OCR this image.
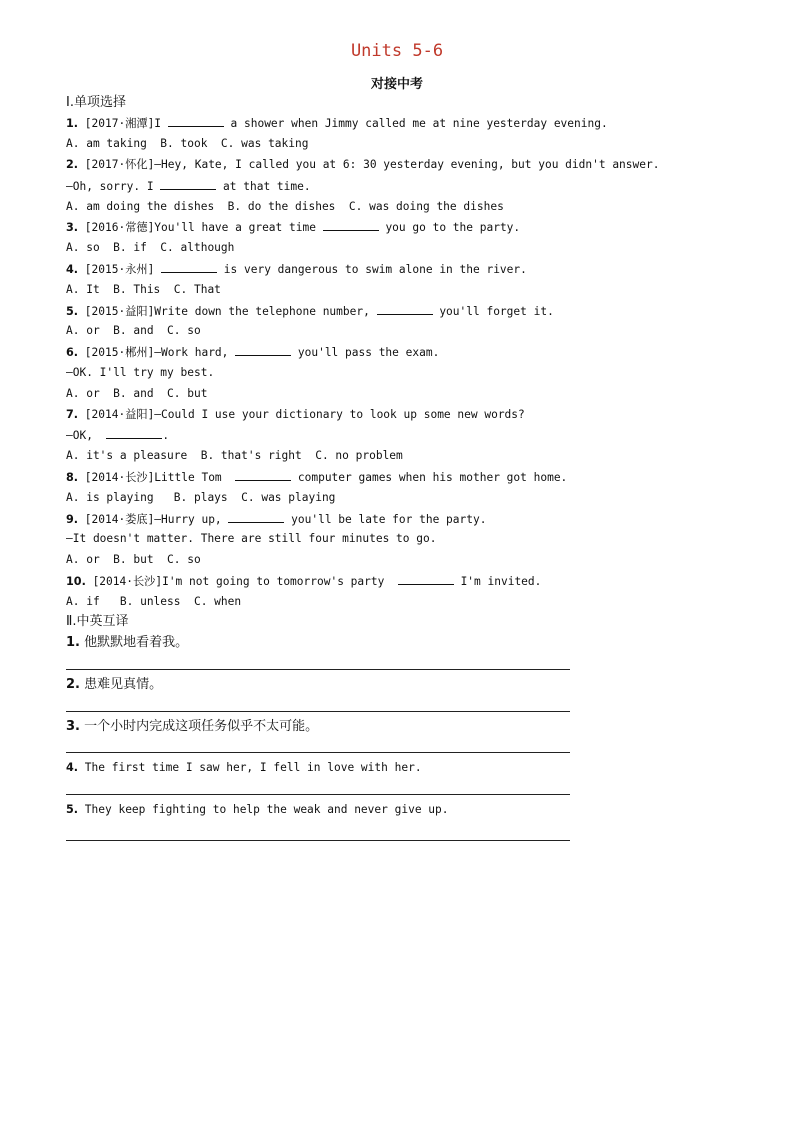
Units 5-6
对接中考
Ⅰ.单项选择
1. [2017·湘潭]I	a shower when Jimmy called me at nine yesterday evening.
A. am taking  B. took  C. was taking
2. [2017·怀化]—Hey, Kate, I called you at 6: 30 yesterday evening, but you didn't answer.
—Oh, sorry. I	at that time.
A. am doing the dishes  B. do the dishes  C. was doing the dishes
3. [2016·常德]You'll have a great time	you go to the party.
A. so  B. if  C. although
4. [2015·永州]	is very dangerous to swim alone in the river.
A. It  B. This  C. That
5. [2015·益阳]Write down the telephone number,	you'll forget it.
A. or  B. and  C. so
6. [2015·郴州]—Work hard,	you'll pass the exam.
—OK. I'll try my best.
A. or  B. and  C. but
7. [2014·益阳]—Could I use your dictionary to look up some new words?
—OK,	.
A. it's a pleasure  B. that's right  C. no problem
8. [2014·长沙]Little Tom	computer games when his mother got home.
A. is playing   B. plays  C. was playing
9. [2014·娄底]—Hurry up,	you'll be late for the party.
—It doesn't matter. There are still four minutes to go.
A. or  B. but  C. so
10. [2014·长沙]I'm not going to tomorrow's party	I'm invited.
A. if   B. unless  C. when
Ⅱ.中英互译
1. 他默默地看着我。
2. 患难见真情。
3. 一个小时内完成这项任务似乎不太可能。
4. The first time I saw her, I fell in love with her.
5. They keep fighting to help the weak and never give up.
